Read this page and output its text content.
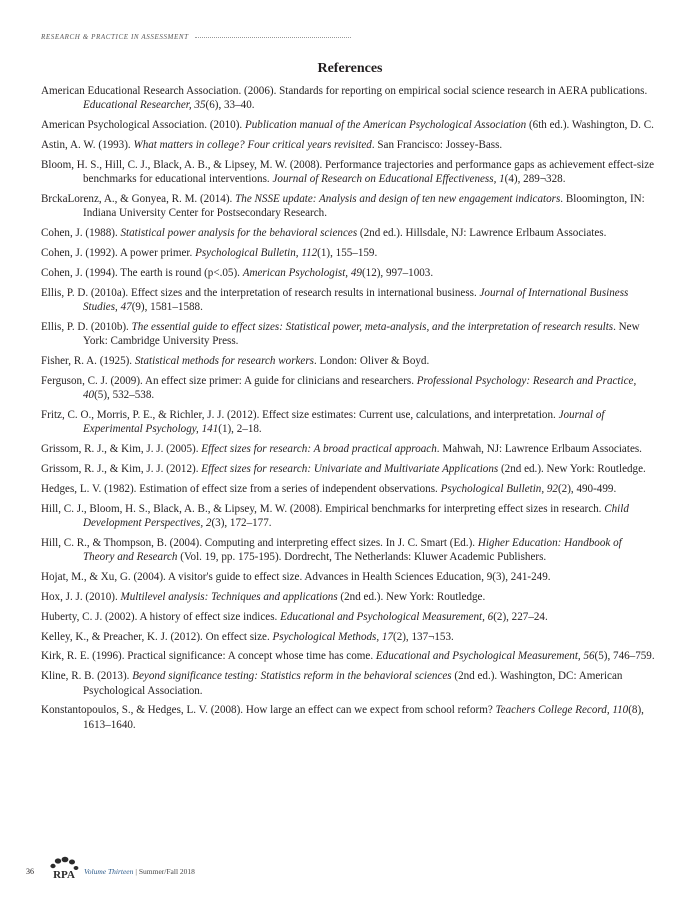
RESEARCH & PRACTICE IN ASSESSMENT
References

American Educational Research Association. (2006). Standards for reporting on empirical social science research in AERA publications. Educational Researcher, 35(6), 33–40.

American Psychological Association. (2010). Publication manual of the American Psychological Association (6th ed.). Washington, D. C.

Astin, A. W. (1993). What matters in college? Four critical years revisited. San Francisco: Jossey-Bass.

Bloom, H. S., Hill, C. J., Black, A. B., & Lipsey, M. W. (2008). Performance trajectories and performance gaps as achievement effect-size benchmarks for educational interventions. Journal of Research on Educational Effectiveness, 1(4), 289¬328.

BrckaLorenz, A., & Gonyea, R. M. (2014). The NSSE update: Analysis and design of ten new engagement indicators. Bloomington, IN: Indiana University Center for Postsecondary Research.

Cohen, J. (1988). Statistical power analysis for the behavioral sciences (2nd ed.). Hillsdale, NJ: Lawrence Erlbaum Associates.

Cohen, J. (1992). A power primer. Psychological Bulletin, 112(1), 155–159.

Cohen, J. (1994). The earth is round (p<.05). American Psychologist, 49(12), 997–1003.

Ellis, P. D. (2010a). Effect sizes and the interpretation of research results in international business. Journal of International Business Studies, 47(9), 1581–1588.

Ellis, P. D. (2010b). The essential guide to effect sizes: Statistical power, meta-analysis, and the interpretation of research results. New York: Cambridge University Press.

Fisher, R. A. (1925). Statistical methods for research workers. London: Oliver & Boyd.

Ferguson, C. J. (2009). An effect size primer: A guide for clinicians and researchers. Professional Psychology: Research and Practice, 40(5), 532–538.

Fritz, C. O., Morris, P. E., & Richler, J. J. (2012). Effect size estimates: Current use, calculations, and interpretation. Journal of Experimental Psychology, 141(1), 2–18.

Grissom, R. J., & Kim, J. J. (2005). Effect sizes for research: A broad practical approach. Mahwah, NJ: Lawrence Erlbaum Associates.

Grissom, R. J., & Kim, J. J. (2012). Effect sizes for research: Univariate and Multivariate Applications (2nd ed.). New York: Routledge.

Hedges, L. V. (1982). Estimation of effect size from a series of independent observations. Psychological Bulletin, 92(2), 490-499.

Hill, C. J., Bloom, H. S., Black, A. B., & Lipsey, M. W. (2008). Empirical benchmarks for interpreting effect sizes in research. Child Development Perspectives, 2(3), 172–177.

Hill, C. R., & Thompson, B. (2004). Computing and interpreting effect sizes. In J. C. Smart (Ed.). Higher Education: Handbook of Theory and Research (Vol. 19, pp. 175-195). Dordrecht, The Netherlands: Kluwer Academic Publishers.

Hojat, M., & Xu, G. (2004). A visitor's guide to effect size. Advances in Health Sciences Education, 9(3), 241-249.

Hox, J. J. (2010). Multilevel analysis: Techniques and applications (2nd ed.). New York: Routledge.

Huberty, C. J. (2002). A history of effect size indices. Educational and Psychological Measurement, 6(2), 227–24.

Kelley, K., & Preacher, K. J. (2012). On effect size. Psychological Methods, 17(2), 137¬153.

Kirk, R. E. (1996). Practical significance: A concept whose time has come. Educational and Psychological Measurement, 56(5), 746–759.

Kline, R. B. (2013). Beyond significance testing: Statistics reform in the behavioral sciences (2nd ed.). Washington, DC: American Psychological Association.

Konstantopoulos, S., & Hedges, L. V. (2008). How large an effect can we expect from school reform? Teachers College Record, 110(8), 1613–1640.

36	RPA Volume Thirteen | Summer/Fall 2018
